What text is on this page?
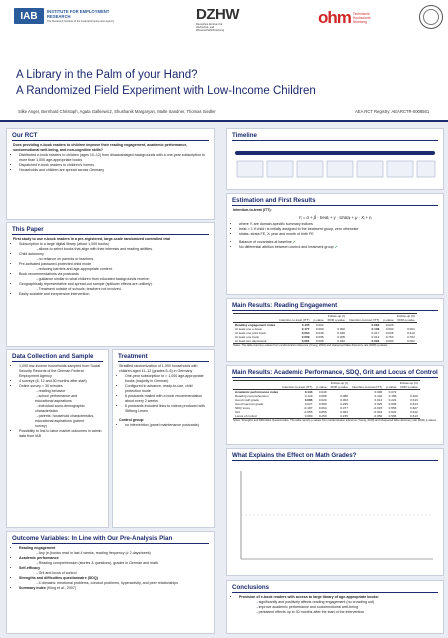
IAB	INSTITUTE FOR EMPLOYMENT
RESEARCH
The Research Institute of the Federal Employment Agency	DZHW
Deutsches Zentrum für
Hochschul- und
Wissenschaftsforschung
ohm Technische
Hochschule
Nürnberg
A Library in the Palm of your Hand?
A Randomized Field Experiment with Low-Income Children
Silke Anger, Bernhard Christoph, Agata Galkiewicz, Shushanik Margaryan, Malte Sandner, Thomas Siedler	AEA RCT Registry: AEARCTR-0008561
Our RCT
Does providing e-book readers to children improve their reading engagement, academic performance, socioemotional well-being, and non-cognitive skills?
• Distributed e-book readers to children (ages 10–12) from disadvantaged backgrounds with a one-year subscription to more than 1,000 age-appropriate books
• Dispatched e-book readers to children's homes
• Households and children are spread across Germany
This Paper
First study to use e-book readers in a pre-registered, large-scale randomized controlled trial
• Subscription to a large digital library (about 1,000 books)
→ allows to select books that align with their interests and reading abilities.
• Child autonomy
→ no reliance on parents or teachers.
• Pre-activated password-protected child mode
→ reducing barriers and age-appropriate content.
• Book recommendations via postcards
→ guidance similar to what children from educated backgrounds receive.
• Geographically representative and spread-out sample (spillover effects are unlikely).
→ Treatment outside of schools; teachers not involved.
• Easily scalable and inexpensive intervention.
Data Collection and Sample
• 1,090 low-income households sampled from Social Security Records of the German Federal Employment Agency
• 4 surveys (6, 12 and 30 months after start)
• Online survey ≈ 30 minutes
→ reading behavior
→ school performance and educational aspirations
→ individual socio-demographic characteristics
→ parents: household characteristics, educational aspirations (parent survey)
• Possibility to link to labor market outcomes in admin data from IAB
Treatment
Stratified randomization of 1,090 households with children aged 11–12 (grades 5–6) in Germany
• One-year subscription to > 1,000 age-appropriate books (majority in German)
• Configured in advance, ready-to-use, child protection mode
• 6 postcards mailed with a book recommendation about every 2 weeks
• 6 postcards included links to videos produced with Stiftung Lesen
Control group:
• no intervention (panel maintenance postcards)
Outcome Variables: In Line with Our Pre-Analysis Plan
• Reading engagement
→ Any (e-)books read in last 4 weeks, reading frequency (≥ 2 days/week)
• Academic performance
→ Reading comprehension (stories & questions), grades in German and math
• Self-efficacy
→ Grit and locus of control
• Strengths and difficulties questionnaire (SDQ)
→ 4 domains: emotional problems, conduct problems, hyperactivity, and peer relationships
• Summary index (Kling et al., 2007)
Timeline
Estimation and First Results
Intention-to-treat (ITT):
Yᵢ = α + β · treatᵢ + γ · strataᵢ + μ · Xᵢ + εᵢ
• where Yᵢ are domain-specific summary indices
• treatᵢ = 1 if child i is initially assigned to the treatment group, zero otherwise
• strataᵢ: strata FE, Xᵢ year and month of birth FE
• Balance of covariates at baseline ✓
• No differential attrition between control and treatment group ✓
Main Results: Reading Engagement
	Follow-up (I)			Follow-up (II)		
	Intention-to-treat (ITT)	p-value	FDR q-value	Intention-to-treat (ITT)	p-value	FDR q-value
Reading engagement index	0.105	0.002		0.063	0.026	
At least one e-book	0.177	0.000	0.002	0.136	0.000	0.001
At least one print book	0.064	0.046	0.046	0.017	0.626	0.612
At least one book	0.009	0.005	0.005	0.014	0.763	0.702
At least two days/week	0.081	0.009	0.022	0.091	0.000	0.002
Notes: The table reports p-values from randomization inference (Young, 2019) and sharpened false discovery rate (FDR) q-values.
Main Results: Academic Performance, SDQ, Grit and Locus of Control
	Follow-up (I)			Follow-up (II)		
	Intention-to-treat (ITT)	p-value	FDR q-value	Intention-to-treat (ITT)	p-value	FDR q-value
Academic performance index	0.133	0.048		0.096	0.072	
Reading comprehension	0.129	0.088	0.088	0.102	0.186	0.220
Good math grade	0.086	0.020	0.063	0.012	0.224	0.613
Good German grade	0.027	0.580	0.295	0.025	0.505	0.613
SDQ score	-0.187	0.064	0.077	-0.015	0.556	0.627
Grit	-0.055	0.856	0.364	-0.044	0.622	0.612
Locus of control	0.080	0.250	0.155	-0.050	0.596	0.613
Notes: Strengths and Difficulties Questionnaire. The table reports p-values from randomization inference (Young, 2019) and sharpened false discovery rate (FDR) q-values.
What Explains the Effect on Math Grades?
Conclusions
• Provision of e-book readers with access to large library of age-appropriate books:
→ significantly and positively affects reading engagement (no crowding out)
→ improve academic performance and socioemotional well-being
→ persistent effects up to 30 months after the start of the intervention
